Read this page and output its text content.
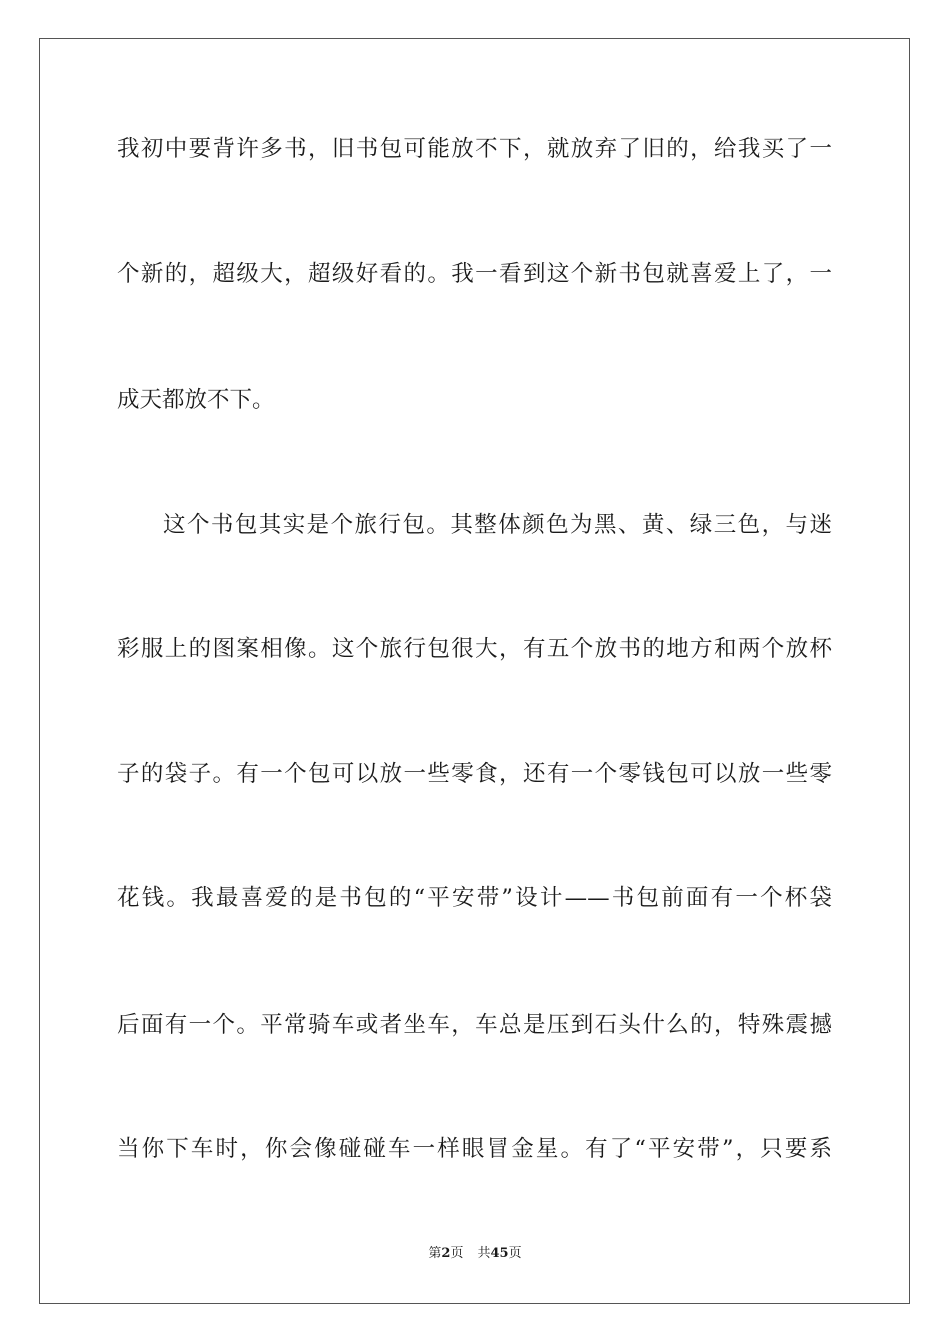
我初中要背许多书，旧书包可能放不下，就放弃了旧的，给我买了一
个新的，超级大，超级好看的。我一看到这个新书包就喜爱上了，一
成天都放不下。
这个书包其实是个旅行包。其整体颜色为黑、黄、绿三色，与迷
彩服上的图案相像。这个旅行包很大，有五个放书的地方和两个放杯
子的袋子。有一个包可以放一些零食，还有一个零钱包可以放一些零
花钱。我最喜爱的是书包的“平安带”设计——书包前面有一个杯袋
后面有一个。平常骑车或者坐车，车总是压到石头什么的，特殊震撼
当你下车时，你会像碰碰车一样眼冒金星。有了“平安带”，只要系
第2页 共45页
